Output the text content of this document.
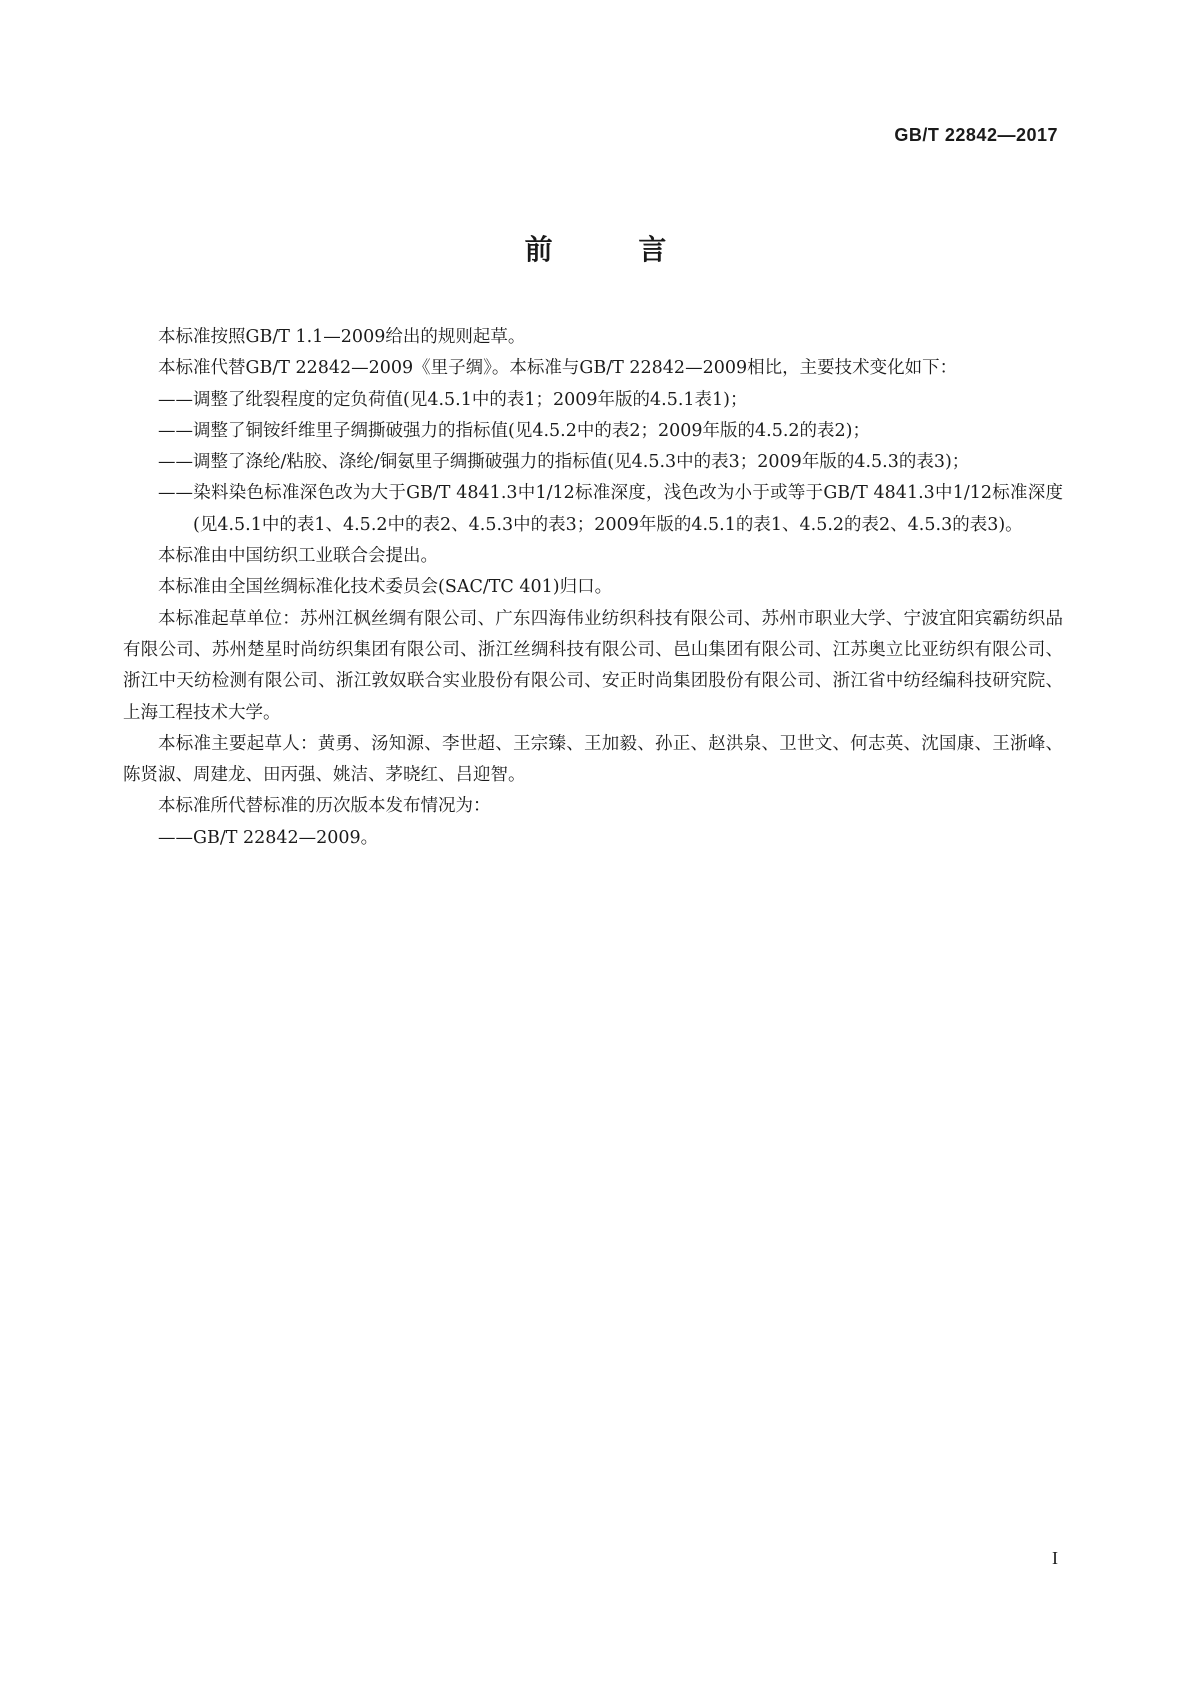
GB/T 22842—2017
前 言

本标准按照GB/T 1.1—2009给出的规则起草。

本标准代替GB/T 22842—2009《里子绸》。本标准与GB/T 22842—2009相比，主要技术变化如下：

——调整了纰裂程度的定负荷值(见4.5.1中的表1；2009年版的4.5.1表1)；

——调整了铜铵纤维里子绸撕破强力的指标值(见4.5.2中的表2；2009年版的4.5.2的表2)；

——调整了涤纶/粘胶、涤纶/铜氨里子绸撕破强力的指标值(见4.5.3中的表3；2009年版的4.5.3的表3)；

——染料染色标准深色改为大于GB/T 4841.3中1/12标准深度，浅色改为小于或等于GB/T 4841.3中1/12标准深度(见4.5.1中的表1、4.5.2中的表2、4.5.3中的表3；2009年版的4.5.1的表1、4.5.2的表2、4.5.3的表3)。

本标准由中国纺织工业联合会提出。

本标准由全国丝绸标准化技术委员会(SAC/TC 401)归口。

本标准起草单位：苏州江枫丝绸有限公司、广东四海伟业纺织科技有限公司、苏州市职业大学、宁波宜阳宾霸纺织品有限公司、苏州楚星时尚纺织集团有限公司、浙江丝绸科技有限公司、邑山集团有限公司、江苏奥立比亚纺织有限公司、浙江中天纺检测有限公司、浙江敦奴联合实业股份有限公司、安正时尚集团股份有限公司、浙江省中纺经编科技研究院、上海工程技术大学。

本标准主要起草人：黄勇、汤知源、李世超、王宗臻、王加毅、孙正、赵洪泉、卫世文、何志英、沈国康、王浙峰、陈贤淑、周建龙、田丙强、姚洁、茅晓红、吕迎智。

本标准所代替标准的历次版本发布情况为：

——GB/T 22842—2009。

I
